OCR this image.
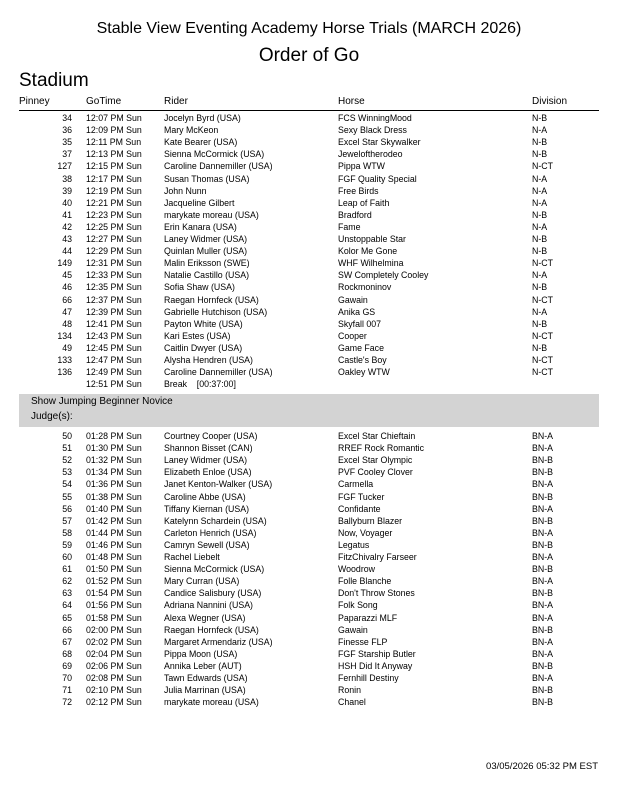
Stable View Eventing Academy Horse Trials (MARCH 2026)
Order of Go
Stadium
Pinney	GoTime	Rider	Horse	Division
34 12:07 PM Sun	Jocelyn Byrd (USA)	FCS WinningMood	N-B
36 12:09 PM Sun	Mary McKeon	Sexy Black Dress	N-A
35 12:11 PM Sun	Kate Bearer (USA)	Excel Star Skywalker	N-B
37 12:13 PM Sun	Sienna McCormick (USA)	Jeweloftherodeo	N-B
127 12:15 PM Sun	Caroline Dannemiller (USA)	Pippa WTW	N-CT
38 12:17 PM Sun	Susan Thomas (USA)	FGF Quality Special	N-A
39 12:19 PM Sun	John Nunn	Free Birds	N-A
40 12:21 PM Sun	Jacqueline Gilbert	Leap of Faith	N-A
41 12:23 PM Sun	marykate moreau (USA)	Bradford	N-B
42 12:25 PM Sun	Erin Kanara (USA)	Fame	N-A
43 12:27 PM Sun	Laney Widmer (USA)	Unstoppable Star	N-B
44 12:29 PM Sun	Quinlan Muller (USA)	Kolor Me Gone	N-B
149 12:31 PM Sun	Malin Eriksson (SWE)	WHF Wilhelmina	N-CT
45 12:33 PM Sun	Natalie Castillo (USA)	SW Completely Cooley	N-A
46 12:35 PM Sun	Sofia Shaw (USA)	Rockmoninov	N-B
66 12:37 PM Sun	Raegan Hornfeck (USA)	Gawain	N-CT
47 12:39 PM Sun	Gabrielle Hutchison (USA)	Anika GS	N-A
48 12:41 PM Sun	Payton White (USA)	Skyfall 007	N-B
134 12:43 PM Sun	Kari Estes (USA)	Cooper	N-CT
49 12:45 PM Sun	Caitlin Dwyer (USA)	Game Face	N-B
133 12:47 PM Sun	Alysha Hendren (USA)	Castle's Boy	N-CT
136 12:49 PM Sun	Caroline Dannemiller (USA)	Oakley WTW	N-CT
12:51 PM Sun	Break    [00:37:00]
Show Jumping Beginner Novice
Judge(s):
50 01:28 PM Sun	Courtney Cooper (USA)	Excel Star Chieftain	BN-A
51 01:30 PM Sun	Shannon Bisset (CAN)	RREF Rock Romantic	BN-A
52 01:32 PM Sun	Laney Widmer (USA)	Excel Star Olympic	BN-B
53 01:34 PM Sun	Elizabeth Enloe (USA)	PVF Cooley Clover	BN-B
54 01:36 PM Sun	Janet Kenton-Walker (USA)	Carmella	BN-A
55 01:38 PM Sun	Caroline Abbe (USA)	FGF Tucker	BN-B
56 01:40 PM Sun	Tiffany Kiernan (USA)	Confidante	BN-A
57 01:42 PM Sun	Katelynn Schardein (USA)	Ballyburn Blazer	BN-B
58 01:44 PM Sun	Carleton Henrich (USA)	Now, Voyager	BN-A
59 01:46 PM Sun	Camryn Sewell (USA)	Legatus	BN-B
60 01:48 PM Sun	Rachel Liebelt	FitzChivalry Farseer	BN-A
61 01:50 PM Sun	Sienna McCormick (USA)	Woodrow	BN-B
62 01:52 PM Sun	Mary Curran (USA)	Folle Blanche	BN-A
63 01:54 PM Sun	Candice Salisbury (USA)	Don't Throw Stones	BN-B
64 01:56 PM Sun	Adriana Nannini (USA)	Folk Song	BN-A
65 01:58 PM Sun	Alexa Wegner (USA)	Paparazzi MLF	BN-A
66 02:00 PM Sun	Raegan Hornfeck (USA)	Gawain	BN-B
67 02:02 PM Sun	Margaret Armendariz (USA)	Finesse FLP	BN-A
68 02:04 PM Sun	Pippa Moon (USA)	FGF Starship Butler	BN-A
69 02:06 PM Sun	Annika Leber (AUT)	HSH Did It Anyway	BN-B
70 02:08 PM Sun	Tawn Edwards (USA)	Fernhill Destiny	BN-A
71 02:10 PM Sun	Julia Marrinan (USA)	Ronin	BN-B
72 02:12 PM Sun	marykate moreau (USA)	Chanel	BN-B
03/05/2026 05:32 PM EST
